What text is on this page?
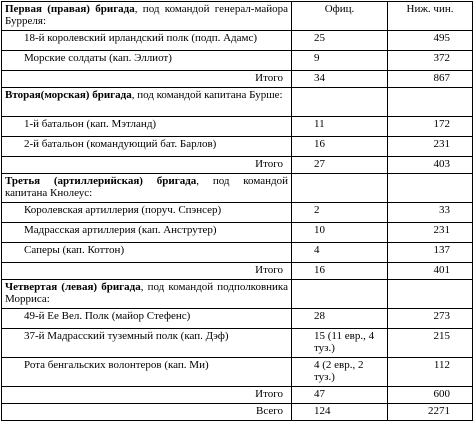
Первая (правая) бригада, под командой генерал-майора Бурреля:	Офиц.	Ниж. чин.
18-й королевский ирландский полк (подп. Адамс)	25	495
Морские солдаты (кап. Эллиот)	9	372
Итого	34	867
Вторая(морская) бригада, под командой капитана Бурше:		
1-й батальон (кап. Мэтланд)	11	172
2-й батальон (командующий бат. Барлов)	16	231
Итого	27	403
Третья (артиллерийская) бригада, под командой капитана Кнолеус:		
Королевская артиллерия (поруч. Спэнсер)	2	33
Мадрасская артиллерия (кап. Анструтер)	10	231
Саперы (кап. Коттон)	4	137
Итого	16	401
Четвертая (левая) бригада, под командой подполковника Морриса:		
49-й Ее Вел. Полк (майор Стефенс)	28	273
37-й Мадрасский туземный полк (кап. Дэф)	15 (11 евр., 4 туз.)	215
Рота бенгальских волонтеров (кап. Ми)	4 (2 евр., 2 туз.)	112
Итого	47	600
Всего	124	2271
